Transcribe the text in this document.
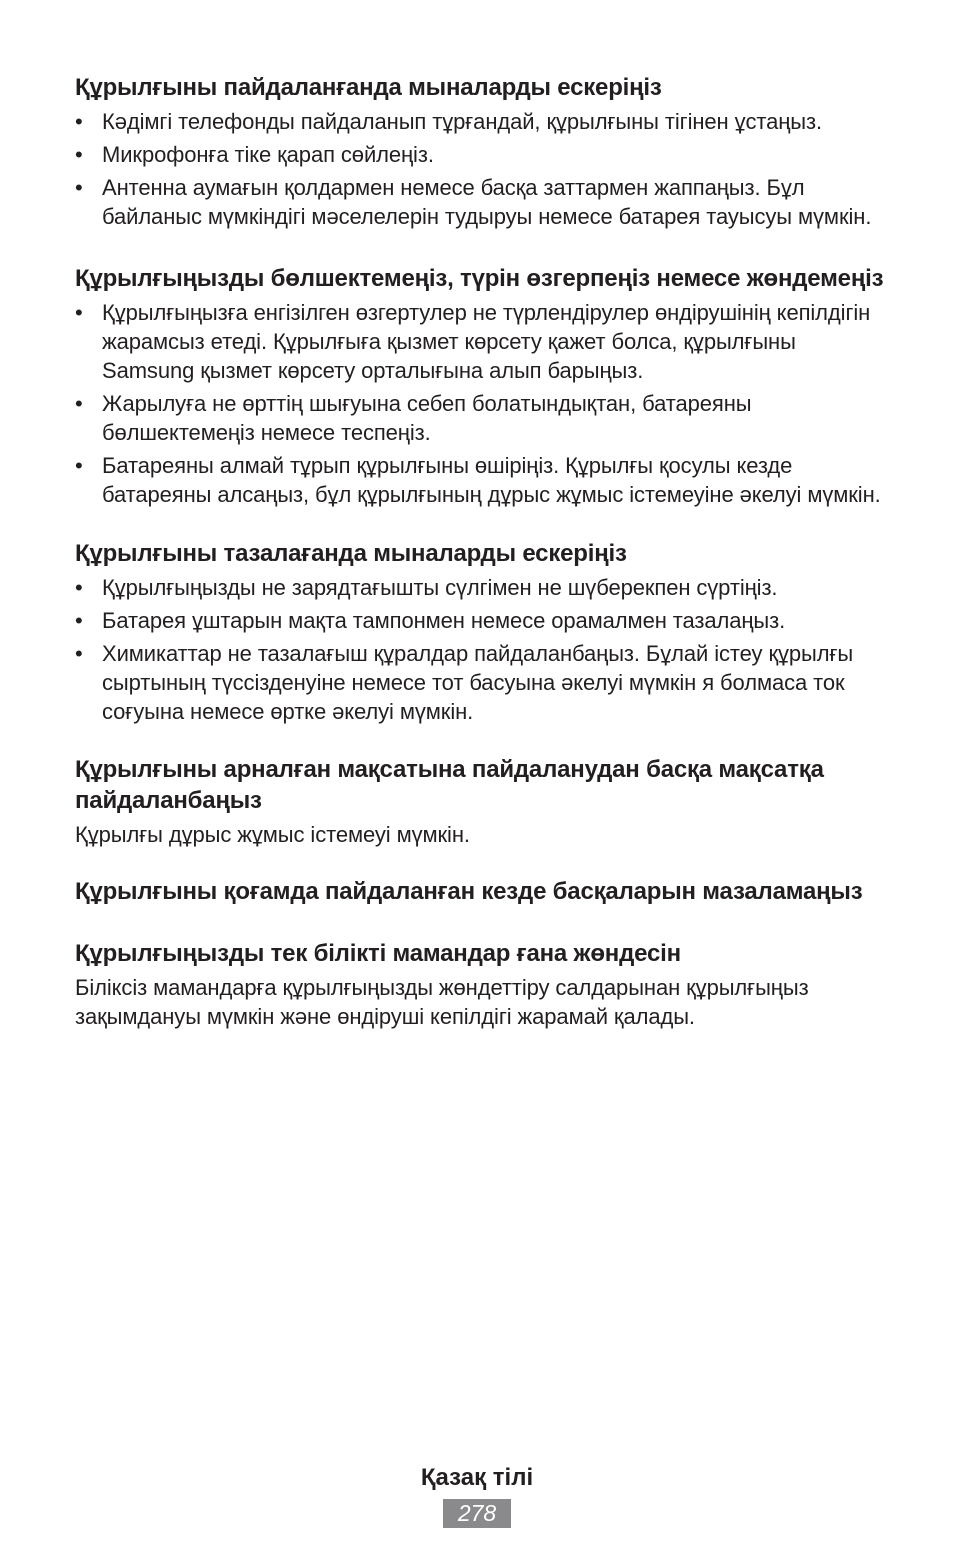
Құрылғыны пайдаланғанда мыналарды ескеріңіз
• Кәдімгі телефонды пайдаланып тұрғандай, құрылғыны тігінен ұстаңыз.
• Микрофонға тіке қарап сөйлеңіз.
• Антенна аумағын қолдармен немесе басқа заттармен жаппаңыз. Бұл байланыс мүмкіндігі мәселелерін тудыруы немесе батарея тауысуы мүмкін.
Құрылғыңызды бөлшектемеңіз, түрін өзгерпеңіз немесе жөндемеңіз
• Құрылғыңызға енгізілген өзгертулер не түрлендірулер өндірушінің кепілдігін жарамсыз етеді. Құрылғыға қызмет көрсету қажет болса, құрылғыны Samsung қызмет көрсету орталығына алып барыңыз.
• Жарылуға не өрттің шығуына себеп болатындықтан, батареяны бөлшектемеңіз немесе теспеңіз.
• Батареяны алмай тұрып құрылғыны өшіріңіз. Құрылғы қосулы кезде батареяны алсаңыз, бұл құрылғының дұрыс жұмыс істемеуіне әкелуі мүмкін.
Құрылғыны тазалағанда мыналарды ескеріңіз
• Құрылғыңызды не зарядтағышты сүлгімен не шүберекпен сүртіңіз.
• Батарея ұштарын мақта тампонмен немесе орамалмен тазалаңыз.
• Химикаттар не тазалағыш құралдар пайдаланбаңыз. Бұлай істеу құрылғы сыртының түссізденуіне немесе тот басуына әкелуі мүмкін я болмаса ток соғуына немесе өртке әкелуі мүмкін.
Құрылғыны арналған мақсатына пайдаланудан басқа мақсатқа пайдаланбаңыз

Құрылғы дұрыс жұмыс істемеуі мүмкін.

Құрылғыны қоғамда пайдаланған кезде басқаларын мазаламаңыз
Құрылғыңызды тек білікті мамандар ғана жөндесін

Біліксіз мамандарға құрылғыңызды жөндеттіру салдарынан құрылғыңыз зақымдануы мүмкін және өндіруші кепілдігі жарамай қалады.

Қазақ тілі
278
